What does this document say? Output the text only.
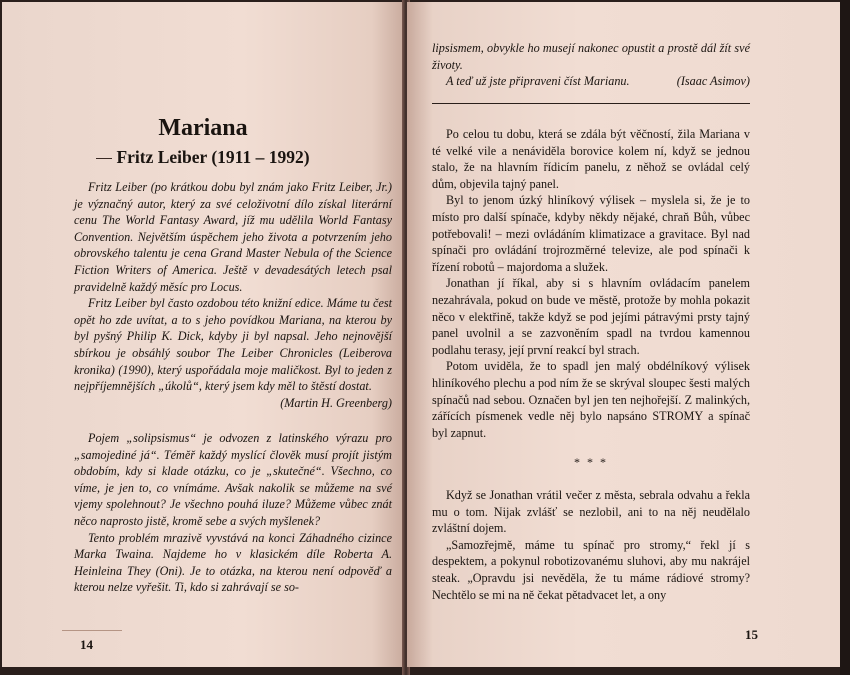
Mariana
Fritz Leiber (1911 – 1992)

Fritz Leiber (po krátkou dobu byl znám jako Fritz Leiber, Jr.) je význačný autor, který za své celoživotní dílo získal literární cenu The World Fantasy Award, jíž mu udělila World Fantasy Convention. Největším úspěchem jeho života a potvrzením jeho obrovského talentu je cena Grand Master Nebula of the Science Fiction Writers of America. Ještě v devadesátých letech psal pravidelně každý měsíc pro Locus.

Fritz Leiber byl často ozdobou této knižní edice. Máme tu čest opět ho zde uvítat, a to s jeho povídkou Mariana, na kterou by byl pyšný Philip K. Dick, kdyby ji byl napsal. Jeho nejnovější sbírkou je obsáhlý soubor The Leiber Chronicles (Leiberova kronika) (1990), který uspořádala moje maličkost. Byl to jeden z nejpříjemnějších „úkolů“, který jsem kdy měl to štěstí dostat.
(Martin H. Greenberg)

Pojem „solipsismus“ je odvozen z latinského výrazu pro „samojediné já“. Téměř každý myslící člověk musí projít jistým obdobím, kdy si klade otázku, co je „skutečné“. Všechno, co víme, je jen to, co vnímáme. Avšak nakolik se můžeme na své vjemy spolehnout? Je všechno pouhá iluze? Můžeme vůbec znát něco naprosto jistě, kromě sebe a svých myšlenek?

Tento problém mrazivě vyvstává na konci Záhadného cizince Marka Twaina. Najdeme ho v klasickém díle Roberta A. Heinleina They (Oni). Je to otázka, na kterou není odpověď a kterou nelze vyřešit. Ti, kdo si zahrávají se so-

14

lipsismem, obvykle ho musejí nakonec opustit a prostě dál žít své životy.

A teď už jste připraveni číst Marianu.	(Isaac Asimov)

Po celou tu dobu, která se zdála být věčností, žila Mariana v té velké vile a nenáviděla borovice kolem ní, když se jednou stalo, že na hlavním řídicím panelu, z něhož se ovládal celý dům, objevila tajný panel.

Byl to jenom úzký hliníkový výlisek – myslela si, že je to místo pro další spínače, kdyby někdy nějaké, chraň Bůh, vůbec potřebovali! – mezi ovládáním klimatizace a gravitace. Byl nad spínači pro ovládání trojrozměrné televize, ale pod spínači k řízení robotů – majordoma a služek.

Jonathan jí říkal, aby si s hlavním ovládacím panelem nezahrávala, pokud on bude ve městě, protože by mohla pokazit něco v elektřině, takže když se pod jejími pátravými prsty tajný panel uvolnil a se zazvoněním spadl na tvrdou kamennou podlahu terasy, její první reakcí byl strach.

Potom uviděla, že to spadl jen malý obdélníkový výlisek hliníkového plechu a pod ním že se skrýval sloupec šesti malých spínačů nad sebou. Označen byl jen ten nejhořejší. Z malinkých, zářících písmenek vedle něj bylo napsáno STROMY a spínač byl zapnut.

* * *

Když se Jonathan vrátil večer z města, sebrala odvahu a řekla mu o tom. Nijak zvlášť se nezlobil, ani to na něj neudělalo zvláštní dojem.

„Samozřejmě, máme tu spínač pro stromy,“ řekl jí s despektem, a pokynul robotizovanému sluhovi, aby mu nakrájel steak. „Opravdu jsi nevěděla, že tu máme rádiové stromy? Nechtělo se mi na ně čekat pětadvacet let, a ony

15
